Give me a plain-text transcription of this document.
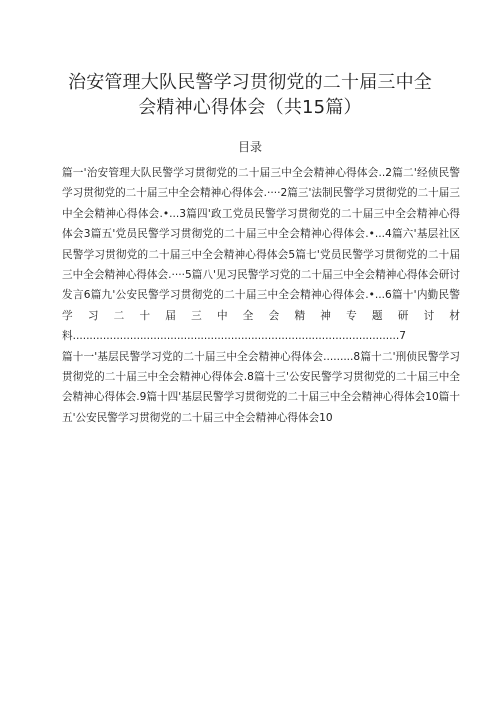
治安管理大队民警学习贯彻党的二十届三中全
会精神心得体会（共15篇）
目录

篇一'治安管理大队民警学习贯彻党的二十届三中全会精神心得体会..2篇二'经侦民警学习贯彻党的二十届三中全会精神心得体会.····2篇三'法制民警学习贯彻党的二十届三中全会精神心得体会.•...3篇四'政工党员民警学习贯彻党的二十届三中全会精神心得体会3篇五'党员民警学习贯彻党的二十届三中全会精神心得体会.•...4篇六'基层社区民警学习贯彻党的二十届三中全会精神心得体会5篇七'党员民警学习贯彻党的二十届三中全会精神心得体会.····5篇八'见习民警学习党的二十届三中全会精神心得体会研讨发言6篇九'公安民警学习贯彻党的二十届三中全会精神心得体会.•...6篇十'内勤民警学习二十届三中全会精神专题研讨材料.................................................................................................7

篇十一'基层民警学习党的二十届三中全会精神心得体会.........8篇十二'刑侦民警学习贯彻党的二十届三中全会精神心得体会.8篇十三'公安民警学习贯彻党的二十届三中全会精神心得体会.9篇十四'基层民警学习贯彻党的二十届三中全会精神心得体会10篇十五'公安民警学习贯彻党的二十届三中全会精神心得体会10
